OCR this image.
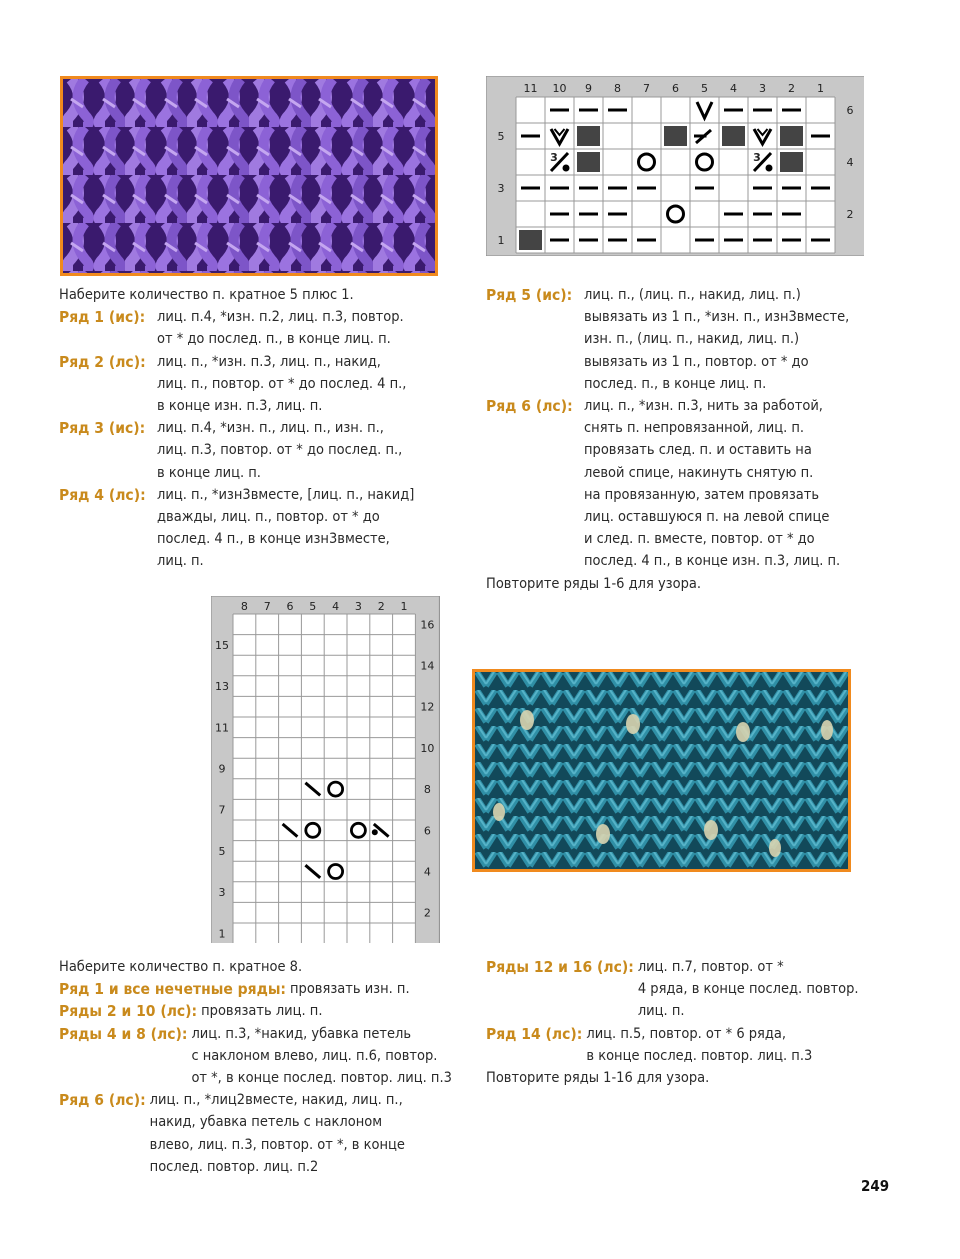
11 10 9 8 7 6 5 4 3 2 1
6
4
2
5
3
1
3	3
Наберите количество п. кратное 5 плюс 1.
Ряд 1 (ис): лиц. п.4, *изн. п.2, лиц. п.3, повтор.

от * до послед. п., в конце лиц. п.

Ряд 2 (лс): лиц. п., *изн. п.3, лиц. п., накид,

лиц. п., повтор. от * до послед. 4 п.,

в конце изн. п.3, лиц. п.

Ряд 3 (ис): лиц. п.4, *изн. п., лиц. п., изн. п.,

лиц. п.3, повтор. от * до послед. п.,

в конце лиц. п.

Ряд 4 (лс): лиц. п., *изн3вместе, [лиц. п., накид]

дважды, лиц. п., повтор. от * до

послед. 4 п., в конце изн3вместе,

лиц. п.

Ряд 5 (ис): лиц. п., (лиц. п., накид, лиц. п.)

вывязать из 1 п., *изн. п., изн3вместе,

изн. п., (лиц. п., накид, лиц. п.)

вывязать из 1 п., повтор. от * до

послед. п., в конце лиц. п.

Ряд 6 (лс): лиц. п., *изн. п.3, нить за работой,

снять п. непровязанной, лиц. п.

провязать след. п. и оставить на

левой спице, накинуть снятую п.

на провязанную, затем провязать

лиц. оставшуюся п. на левой спице

и след. п. вместе, повтор. от * до

послед. 4 п., в конце изн. п.3, лиц. п.

Повторите ряды 1-6 для узора.
8 7 6 5 4 3 2 1
16
14
12
10
8
6
4
2
15
13
11
9
7
5
3
1
Наберите количество п. кратное 8.
Ряд 1 и все нечетные ряды: провязать изн. п.

Ряды 2 и 10 (лс): провязать лиц. п.

Ряды 4 и 8 (лс): лиц. п.3, *накид, убавка петель

с наклоном влево, лиц. п.6, повтор.

от *, в конце послед. повтор. лиц. п.3

Ряд 6 (лс): лиц. п., *лиц2вместе, накид, лиц. п.,

накид, убавка петель с наклоном

влево, лиц. п.3, повтор. от *, в конце

послед. повтор. лиц. п.2

Ряды 12 и 16 (лс): лиц. п.7, повтор. от *

4 ряда, в конце послед. повтор.

лиц. п.

Ряд 14 (лс): лиц. п.5, повтор. от * 6 ряда,

в конце послед. повтор. лиц. п.3

Повторите ряды 1-16 для узора.
249
